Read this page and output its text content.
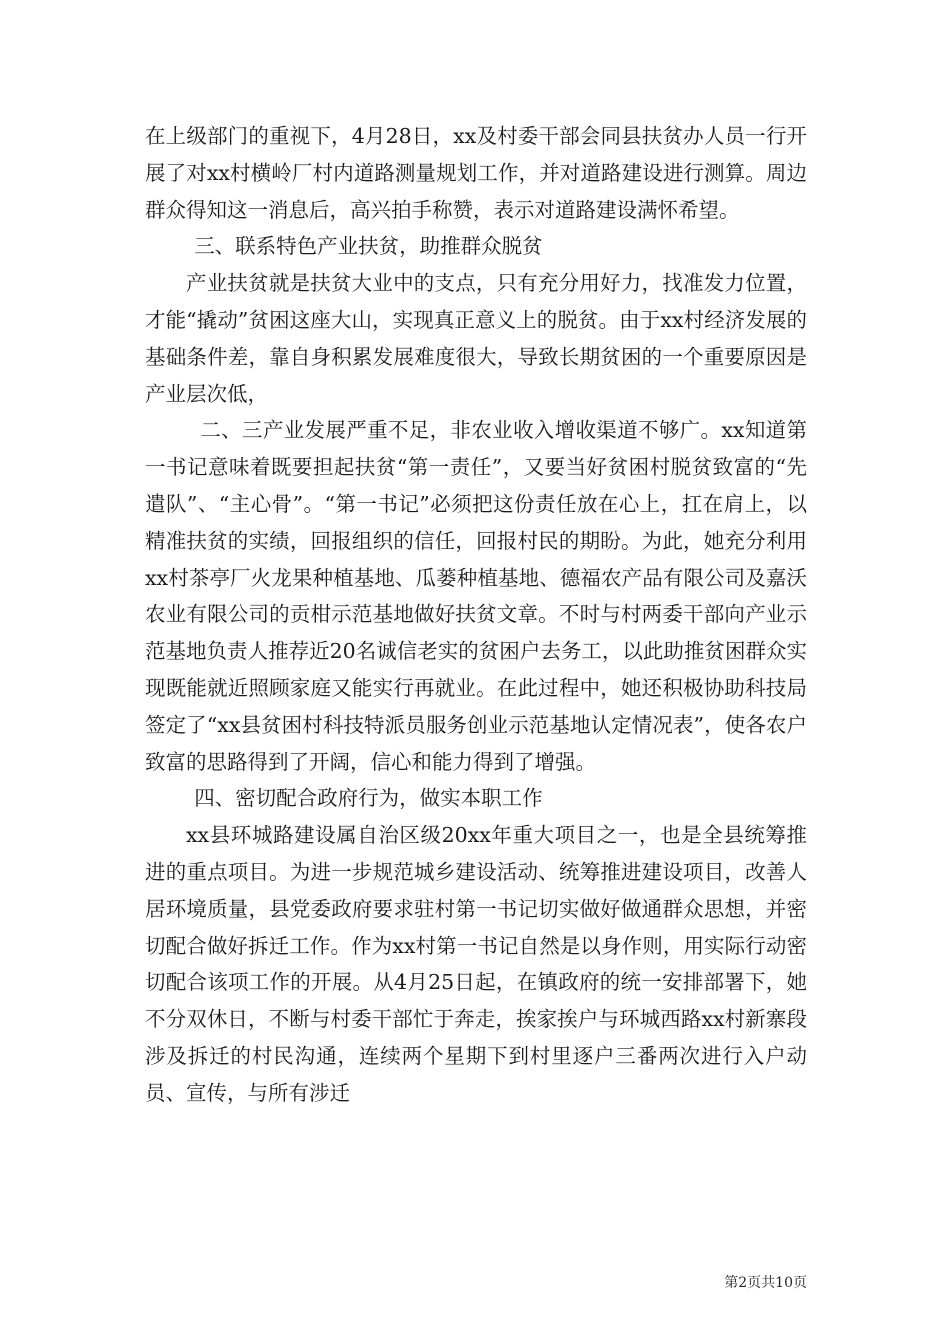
在上级部门的重视下，4月28日，xx及村委干部会同县扶贫办人员一行开展了对xx村横岭厂村内道路测量规划工作，并对道路建设进行测算。周边群众得知这一消息后，高兴拍手称赞，表示对道路建设满怀希望。

三、联系特色产业扶贫，助推群众脱贫

产业扶贫就是扶贫大业中的支点，只有充分用好力，找准发力位置，才能“撬动”贫困这座大山，实现真正意义上的脱贫。由于xx村经济发展的基础条件差，靠自身积累发展难度很大，导致长期贫困的一个重要原因是产业层次低，

二、三产业发展严重不足，非农业收入增收渠道不够广。xx知道第一书记意味着既要担起扶贫“第一责任”，又要当好贫困村脱贫致富的“先遣队”、“主心骨”。“第一书记”必须把这份责任放在心上，扛在肩上，以精准扶贫的实绩，回报组织的信任，回报村民的期盼。为此，她充分利用xx村茶亭厂火龙果种植基地、瓜蒌种植基地、德福农产品有限公司及嘉沃农业有限公司的贡柑示范基地做好扶贫文章。不时与村两委干部向产业示范基地负责人推荐近20名诚信老实的贫困户去务工，以此助推贫困群众实现既能就近照顾家庭又能实行再就业。在此过程中，她还积极协助科技局签定了“xx县贫困村科技特派员服务创业示范基地认定情况表”，使各农户致富的思路得到了开阔，信心和能力得到了增强。

四、密切配合政府行为，做实本职工作

xx县环城路建设属自治区级20xx年重大项目之一，也是全县统筹推进的重点项目。为进一步规范城乡建设活动、统筹推进建设项目，改善人居环境质量，县党委政府要求驻村第一书记切实做好做通群众思想，并密切配合做好拆迁工作。作为xx村第一书记自然是以身作则，用实际行动密切配合该项工作的开展。从4月25日起，在镇政府的统一安排部署下，她不分双休日，不断与村委干部忙于奔走，挨家挨户与环城西路xx村新寨段涉及拆迁的村民沟通，连续两个星期下到村里逐户三番两次进行入户动员、宣传，与所有涉迁

第2页共10页
